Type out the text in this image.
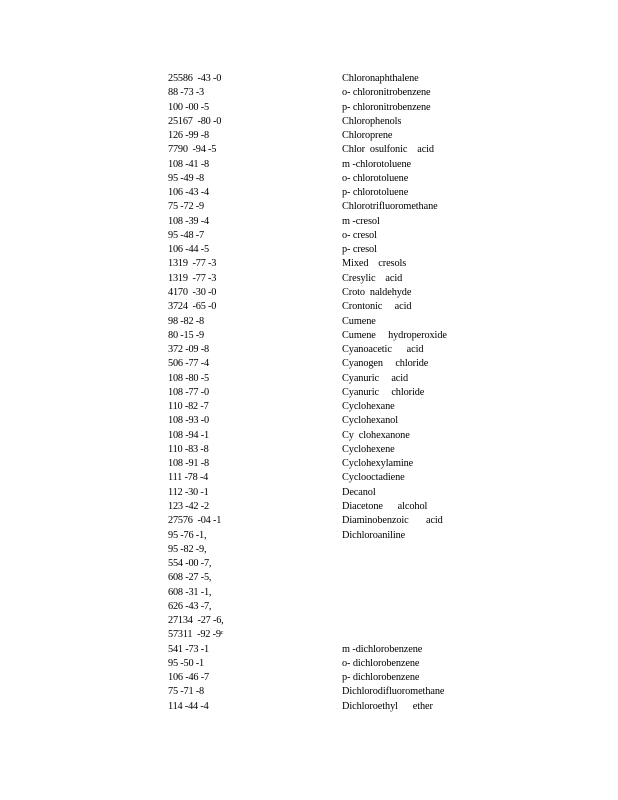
25586  -43 -0	Chloronaphthalene
88 -73 -3	o- chloronitrobenzene
100 -00 -5	p- chloronitrobenzene
25167  -80 -0	Chlorophenols
126 -99 -8	Chloroprene
7790  -94 -5	Chlor  osulfonic    acid
108 -41 -8	m -chlorotoluene
95 -49 -8	o- chlorotoluene
106 -43 -4	p- chlorotoluene
75 -72 -9	Chlorotrifluoromethane
108 -39 -4	m -cresol
95 -48 -7	o- cresol
106 -44 -5	p- cresol
1319  -77 -3	Mixed    cresols
1319  -77 -3	Cresylic    acid
4170  -30 -0	Croto  naldehyde
3724  -65 -0	Crontonic     acid
98 -82 -8	Cumene
80 -15 -9	Cumene     hydroperoxide
372 -09 -8	Cyanoacetic      acid
506 -77 -4	Cyanogen     chloride
108 -80 -5	Cyanuric     acid
108 -77 -0	Cyanuric     chloride
110 -82 -7	Cyclohexane
108 -93 -0	Cyclohexanol
108 -94 -1	Cy  clohexanone
110 -83 -8	Cyclohexene
108 -91 -8	Cyclohexylamine
111 -78 -4	Cyclooctadiene
112 -30 -1	Decanol
123 -42 -2	Diacetone      alcohol
27576  -04 -1	Diaminobenzoic       acid
95 -76 -1,	Dichloroaniline
95 -82 -9,
554 -00 -7,
608 -27 -5,
608 -31 -1,
626 -43 -7,
27134  -27 -6,
57311  -92 -9ᶜ
541 -73 -1	m -dichlorobenzene
95 -50 -1	o- dichlorobenzene
106 -46 -7	p- dichlorobenzene
75 -71 -8	Dichlorodifluoromethane
114 -44 -4	Dichloroethyl      ether
